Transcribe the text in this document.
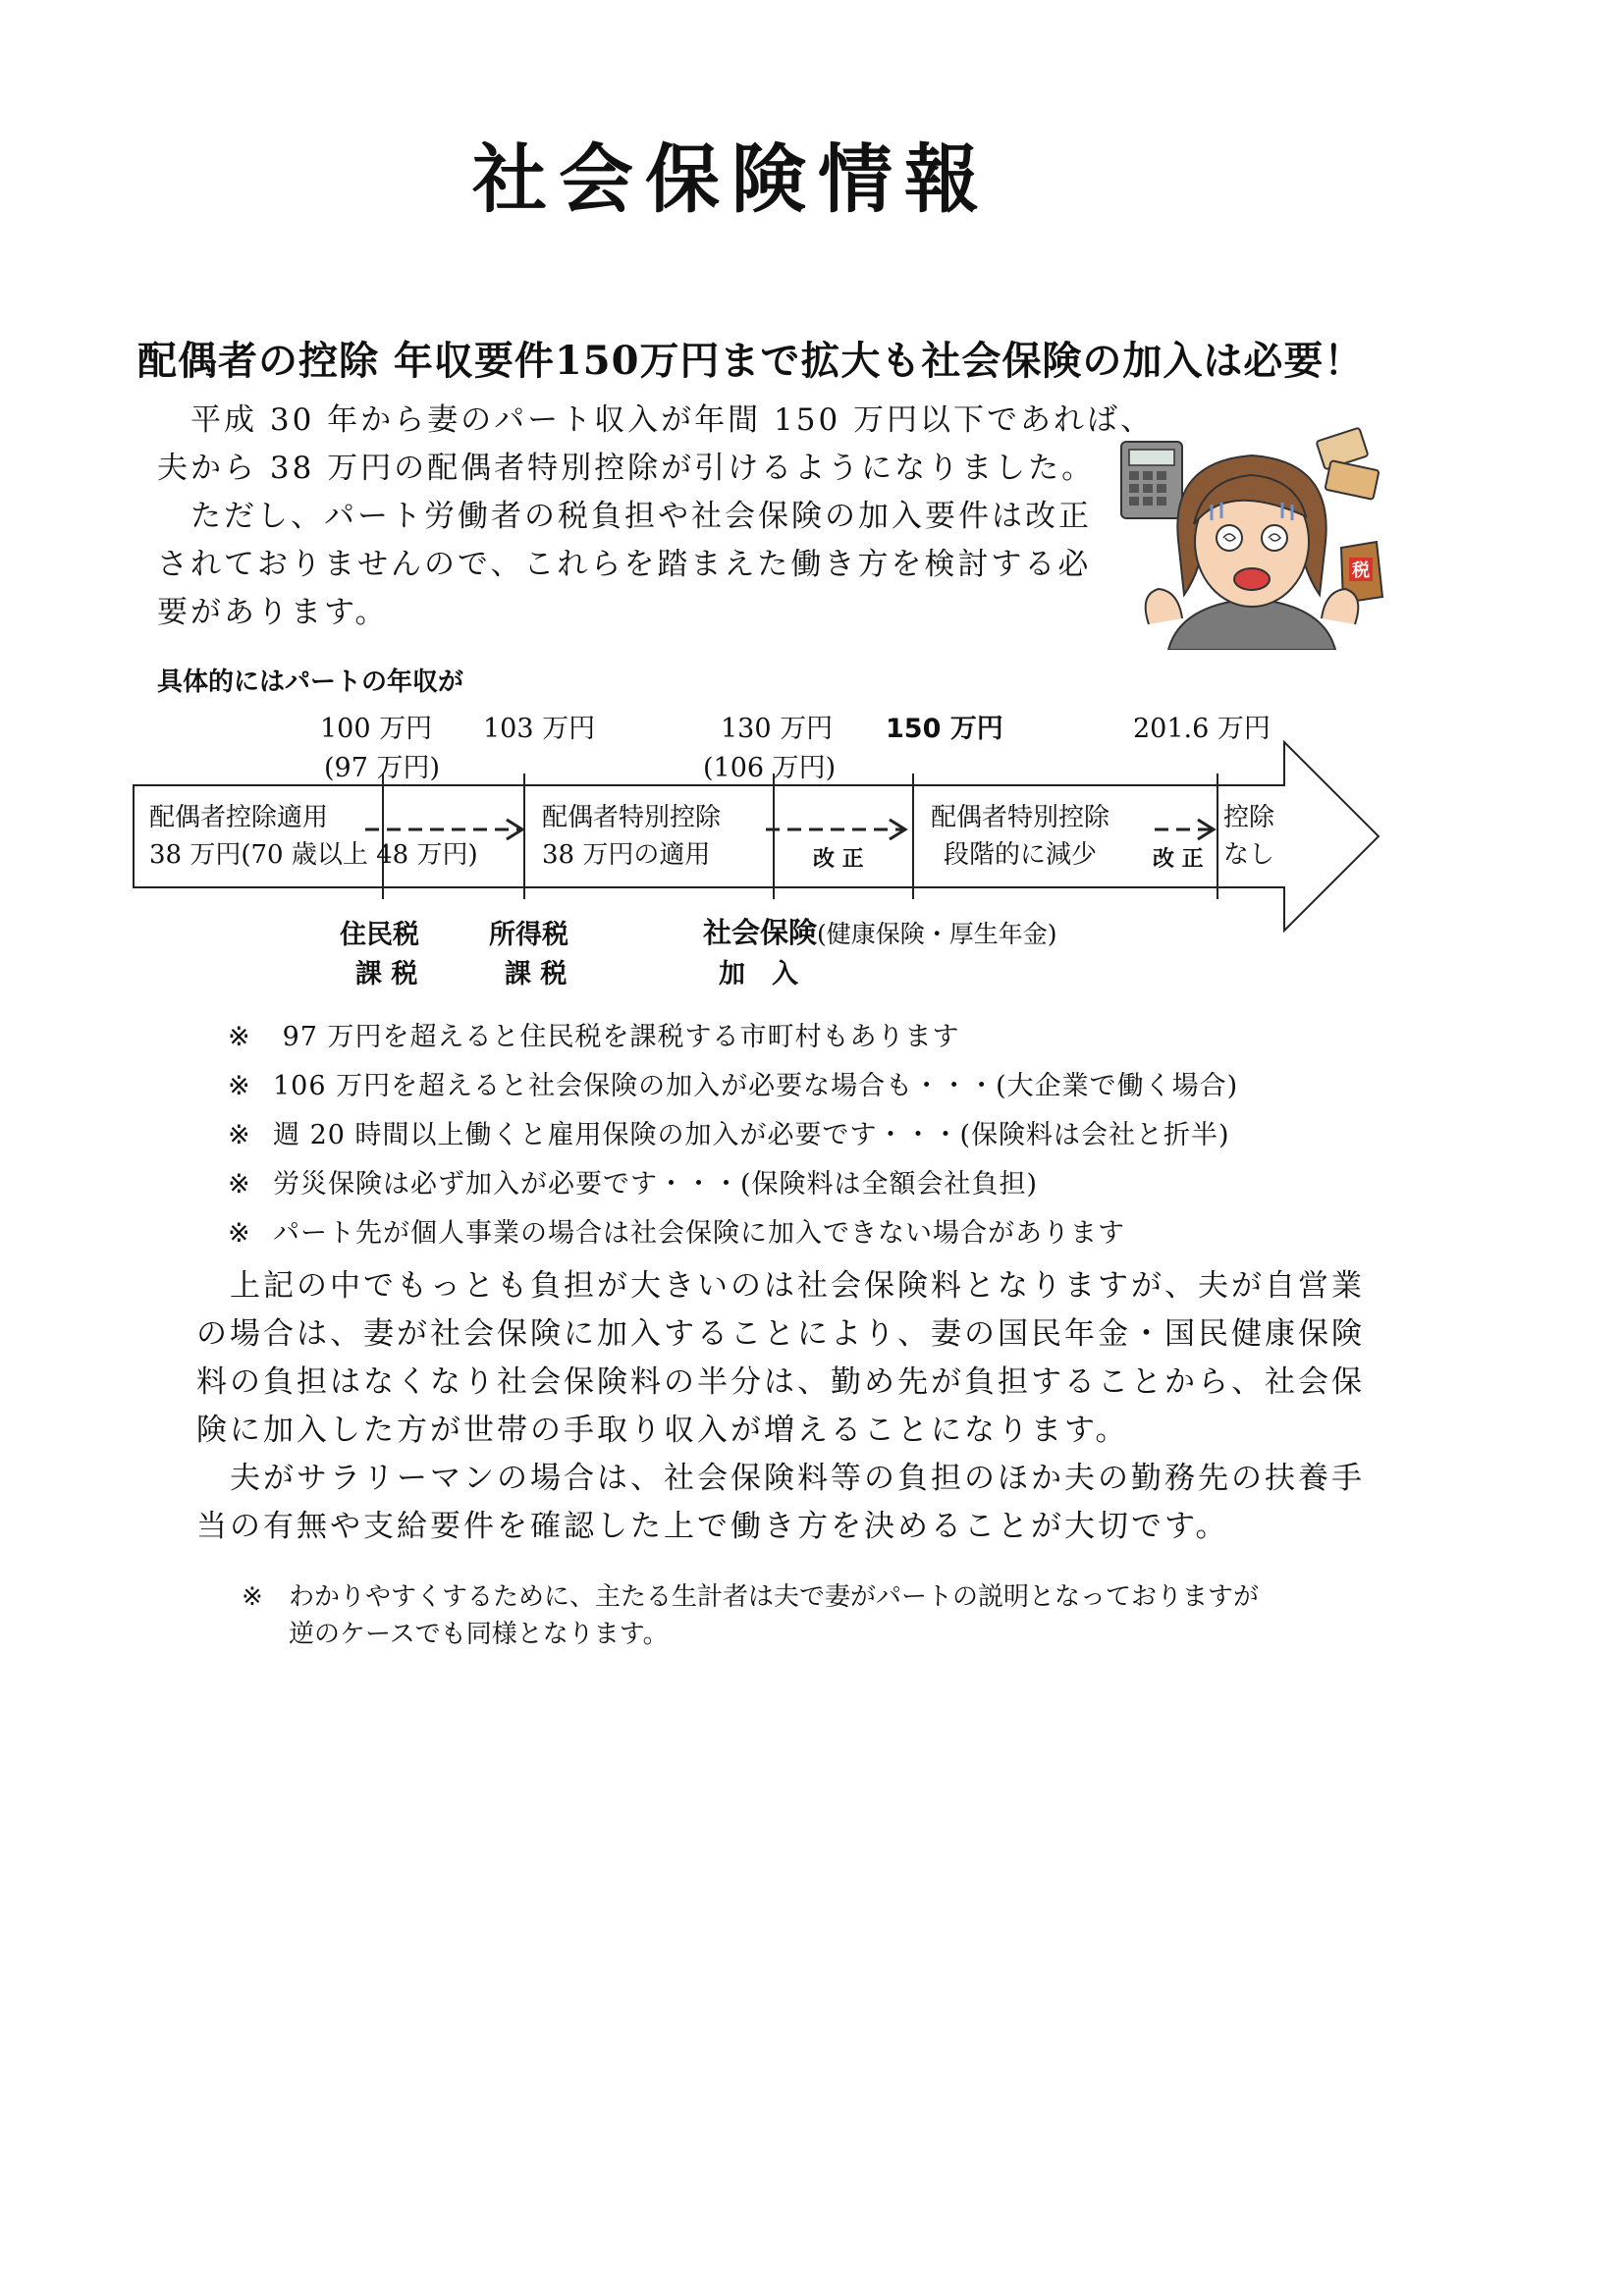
社会保険情報
配偶者の控除 年収要件150万円まで拡大も社会保険の加入は必要！
　平成 30 年から妻のパート収入が年間 150 万円以下であれば、
夫から 38 万円の配偶者特別控除が引けるようになりました。
　ただし、パート労働者の税負担や社会保険の加入要件は改正
されておりませんので、これらを踏まえた働き方を検討する必
要があります。
税
具体的にはパートの年収が
100 万円
(97 万円)
103 万円	130 万円
(106 万円)
150 万円	201.6 万円
配偶者控除適用
38 万円(70 歳以上 48 万円)
配偶者特別控除
38 万円の適用
配偶者特別控除
段階的に減少
控除
なし
改 正	改 正
住民税
課 税
所得税
課 税
社会保険(健康保険・厚生年金)
加　入
※ 97 万円を超えると住民税を課税する市町村もあります
※ 106 万円を超えると社会保険の加入が必要な場合も・・・(大企業で働く場合)
※ 週 20 時間以上働くと雇用保険の加入が必要です・・・(保険料は会社と折半)
※ 労災保険は必ず加入が必要です・・・(保険料は全額会社負担)
※ パート先が個人事業の場合は社会保険に加入できない場合があります
　上記の中でもっとも負担が大きいのは社会保険料となりますが、夫が自営業
の場合は、妻が社会保険に加入することにより、妻の国民年金・国民健康保険
料の負担はなくなり社会保険料の半分は、勤め先が負担することから、社会保
険に加入した方が世帯の手取り収入が増えることになります。
　夫がサラリーマンの場合は、社会保険料等の負担のほか夫の勤務先の扶養手
当の有無や支給要件を確認した上で働き方を決めることが大切です。
※ わかりやすくするために、主たる生計者は夫で妻がパートの説明となっておりますが
逆のケースでも同様となります。
